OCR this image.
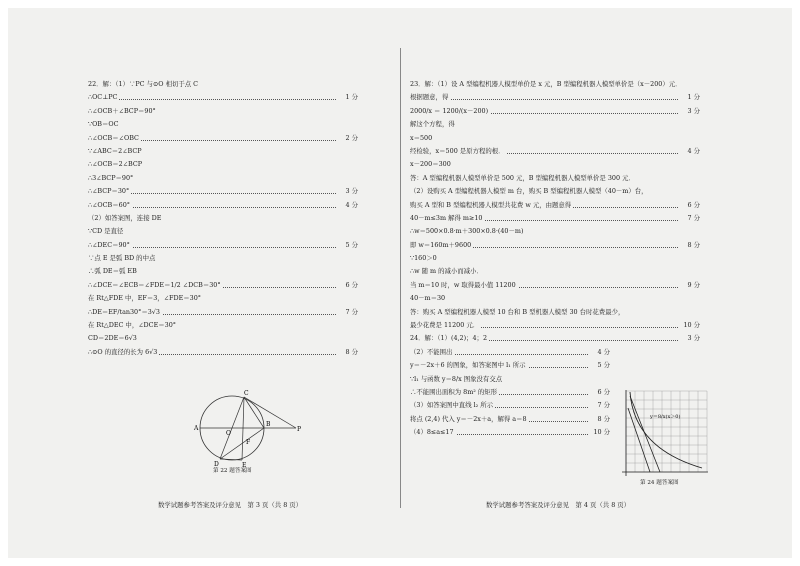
22．解：（1）∵PC 与⊙O 相切于点 C
∴OC⊥PC	1 分
∴∠OCB＋∠BCP＝90°
∵OB＝OC
∴∠OCB＝∠OBC	2 分
∵∠ABC＝2∠BCP
∴∠OCB＝2∠BCP
∴3∠BCP＝90°
∴∠BCP＝30°	3 分
∴∠OCB＝60°	4 分
（2）如答案图，连接 DE
∵CD 是直径
∴∠DEC＝90°	5 分
∵点 E 是弧 BD 的中点
∴弧 DE＝弧 EB
∴∠DCE＝∠ECB＝∠FDE＝1/2 ∠DCB＝30°	6 分
在 Rt△FDE 中，EF＝3，∠FDE＝30°
∴DE＝EF/tan30°＝3√3	7 分
在 Rt△DEC 中，∠DCE＝30°
CD＝2DE＝6√3
∴⊙O 的直径的长为 6√3	8 分
23．解：（1）设 A 型编程机器人模型单价是 x 元，B 型编程机器人模型单价是（x－200）元．
根据题意，得	1 分
2000/x ＝ 1200/(x－200)	3 分
解这个方程，得
x＝500
经检验，x＝500 是原方程的根．	4 分
x－200＝300
答：A 型编程机器人模型单价是 500 元，B 型编程机器人模型单价是 300 元．
（2）设购买 A 型编程机器人模型 m 台，购买 B 型编程机器人模型（40－m）台，
购买 A 型和 B 型编程机器人模型共花费 w 元，由题意得	6 分
40－m≤3m 解得 m≥10	7 分
∴w＝500×0.8·m＋300×0.8·(40－m)
即 w＝160m＋9600	8 分
∵160＞0
∴w 随 m 的减小而减小．
当 m＝10 时，w 取得最小值 11200	9 分
40－m＝30
答：购买 A 型编程机器人模型 10 台和 B 型机器人模型 30 台时花费最少，
最少花费是 11200 元．	10 分
24．解：（1）(4,2)；4；2	3 分
（2）不能围出	4 分
y＝－2x＋6 的图象，如答案图中 l₁ 所示	5 分
∵l₁ 与函数 y＝8/x 图象没有交点
∴不能围出面积为 8m² 的矩形	6 分
（3）如答案图中直线 l₂ 所示	7 分
将点 (2,4) 代入 y＝－2x＋a，解得 a＝8	8 分
（4）8≤a≤17	10 分
A
B
C
D	E
F
O
P
第 22 题答案图
y＝8/x(x＞0)
第 24 题答案图
数学试题参考答案及评分意见　第 3 页（共 8 页）	数学试题参考答案及评分意见　第 4 页（共 8 页）
